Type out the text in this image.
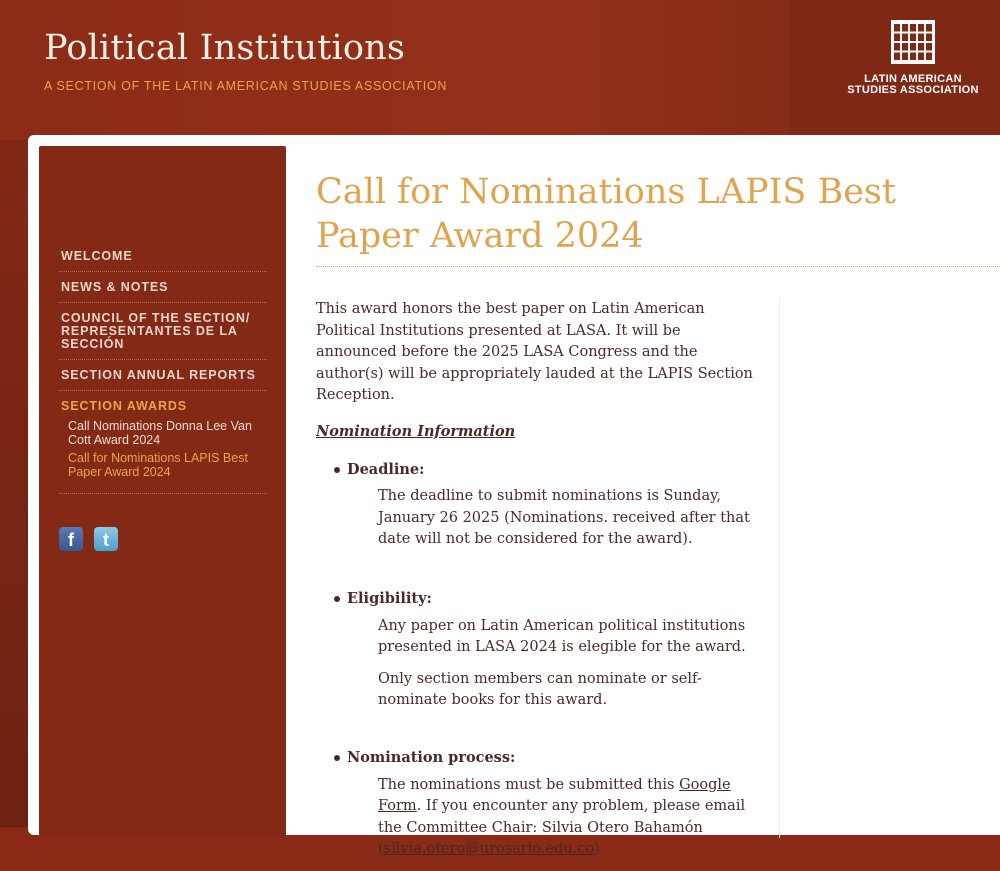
Political Institutions

A SECTION OF THE LATIN AMERICAN STUDIES ASSOCIATION	LATIN AMERICAN
STUDIES ASSOCIATION
WELCOME
NEWS & NOTES
COUNCIL OF THE SECTION/ REPRESENTANTES DE LA SECCIÓN
SECTION ANNUAL REPORTS
SECTION AWARDS
Call Nominations Donna Lee Van Cott Award 2024
Call for Nominations LAPIS Best Paper Award 2024
f
	t
Call for Nominations LAPIS Best Paper Award 2024

This award honors the best paper on Latin American Political Institutions presented at LASA. It will be announced before the 2025 LASA Congress and the author(s) will be appropriately lauded at the LAPIS Section Reception.

Nomination Information

Deadline:

The deadline to submit nominations is Sunday, January 26 2025 (Nominations. received after that date will not be considered for the award).

Eligibility:

Any paper on Latin American political institutions presented in LASA 2024 is elegible for the award.

Only section members can nominate or self-nominate books for this award.

Nomination process:

The nominations must be submitted this Google Form. If you encounter any problem, please email the Committee Chair: Silvia Otero Bahamón (silvia.otero@urosario.edu.co)
